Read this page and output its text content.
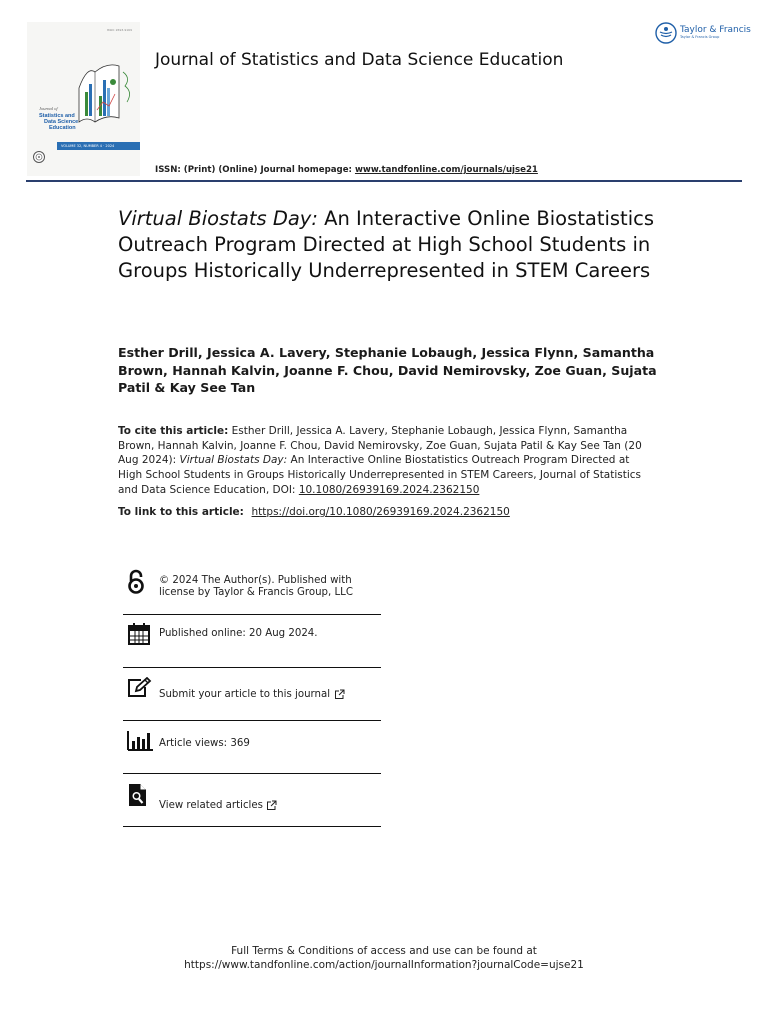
ISSN: 2693-9169
Journal of
Statistics and
Data Science
Education
VOLUME 32, NUMBER 4 · 2024
Journal of Statistics and Data Science Education
Taylor & Francis
Taylor & Francis Group
ISSN: (Print) (Online) Journal homepage: www.tandfonline.com/journals/ujse21
Virtual Biostats Day: An Interactive Online Biostatistics Outreach Program Directed at High School Students in Groups Historically Underrepresented in STEM Careers

Esther Drill, Jessica A. Lavery, Stephanie Lobaugh, Jessica Flynn, Samantha Brown, Hannah Kalvin, Joanne F. Chou, David Nemirovsky, Zoe Guan, Sujata Patil & Kay See Tan

To cite this article: Esther Drill, Jessica A. Lavery, Stephanie Lobaugh, Jessica Flynn, Samantha Brown, Hannah Kalvin, Joanne F. Chou, David Nemirovsky, Zoe Guan, Sujata Patil & Kay See Tan (20 Aug 2024): Virtual Biostats Day: An Interactive Online Biostatistics Outreach Program Directed at High School Students in Groups Historically Underrepresented in STEM Careers, Journal of Statistics and Data Science Education, DOI: 10.1080/26939169.2024.2362150

To link to this article: https://doi.org/10.1080/26939169.2024.2362150

© 2024 The Author(s). Published with
license by Taylor & Francis Group, LLC
Published online: 20 Aug 2024.
Submit your article to this journal
Article views: 369
View related articles
Full Terms & Conditions of access and use can be found at
https://www.tandfonline.com/action/journalInformation?journalCode=ujse21
